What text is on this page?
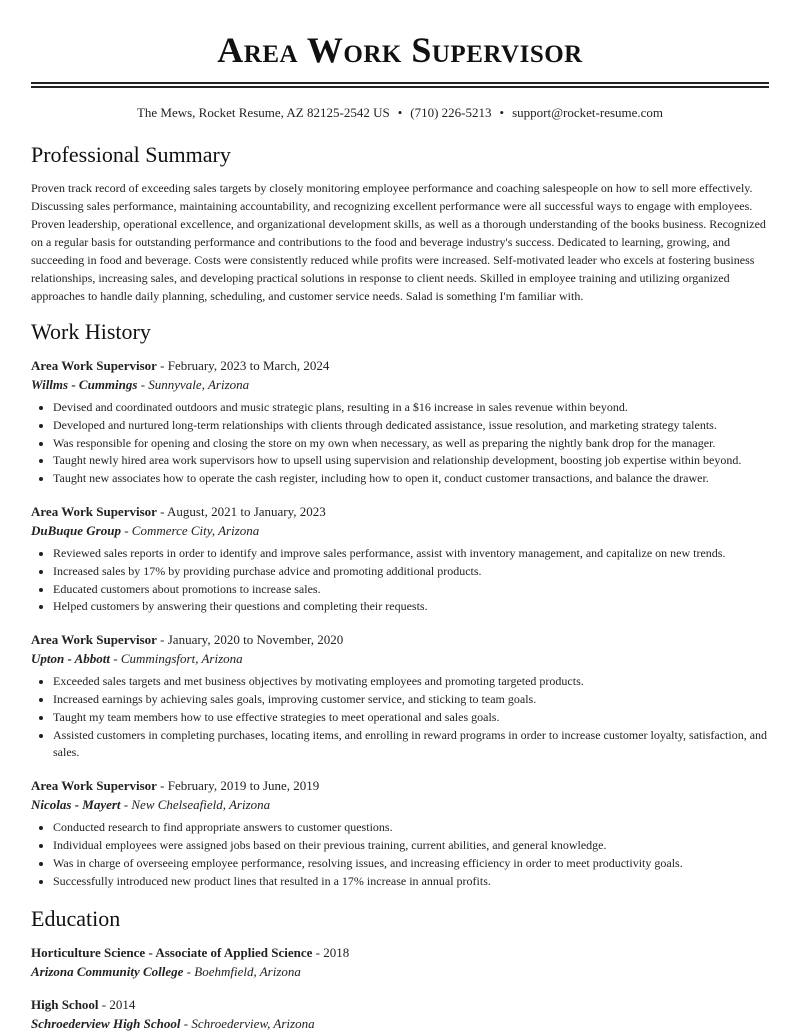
Area Work Supervisor
The Mews, Rocket Resume, AZ 82125-2542 US • (710) 226-5213 • support@rocket-resume.com
Professional Summary

Proven track record of exceeding sales targets by closely monitoring employee performance and coaching salespeople on how to sell more effectively. Discussing sales performance, maintaining accountability, and recognizing excellent performance were all successful ways to engage with employees. Proven leadership, operational excellence, and organizational development skills, as well as a thorough understanding of the books business. Recognized on a regular basis for outstanding performance and contributions to the food and beverage industry's success. Dedicated to learning, growing, and succeeding in food and beverage. Costs were consistently reduced while profits were increased. Self-motivated leader who excels at fostering business relationships, increasing sales, and developing practical solutions in response to client needs. Skilled in employee training and utilizing organized approaches to handle daily planning, scheduling, and customer service needs. Salad is something I'm familiar with.

Work History
Area Work Supervisor - February, 2023 to March, 2024
Willms - Cummings - Sunnyvale, Arizona
• Devised and coordinated outdoors and music strategic plans, resulting in a $16 increase in sales revenue within beyond.
• Developed and nurtured long-term relationships with clients through dedicated assistance, issue resolution, and marketing strategy talents.
• Was responsible for opening and closing the store on my own when necessary, as well as preparing the nightly bank drop for the manager.
• Taught newly hired area work supervisors how to upsell using supervision and relationship development, boosting job expertise within beyond.
• Taught new associates how to operate the cash register, including how to open it, conduct customer transactions, and balance the drawer.
Area Work Supervisor - August, 2021 to January, 2023
DuBuque Group - Commerce City, Arizona
• Reviewed sales reports in order to identify and improve sales performance, assist with inventory management, and capitalize on new trends.
• Increased sales by 17% by providing purchase advice and promoting additional products.
• Educated customers about promotions to increase sales.
• Helped customers by answering their questions and completing their requests.
Area Work Supervisor - January, 2020 to November, 2020
Upton - Abbott - Cummingsfort, Arizona
• Exceeded sales targets and met business objectives by motivating employees and promoting targeted products.
• Increased earnings by achieving sales goals, improving customer service, and sticking to team goals.
• Taught my team members how to use effective strategies to meet operational and sales goals.
• Assisted customers in completing purchases, locating items, and enrolling in reward programs in order to increase customer loyalty, satisfaction, and sales.
Area Work Supervisor - February, 2019 to June, 2019
Nicolas - Mayert - New Chelseafield, Arizona
• Conducted research to find appropriate answers to customer questions.
• Individual employees were assigned jobs based on their previous training, current abilities, and general knowledge.
• Was in charge of overseeing employee performance, resolving issues, and increasing efficiency in order to meet productivity goals.
• Successfully introduced new product lines that resulted in a 17% increase in annual profits.
Education
Horticulture Science - Associate of Applied Science - 2018
Arizona Community College - Boehmfield, Arizona
High School - 2014
Schroederview High School - Schroederview, Arizona
